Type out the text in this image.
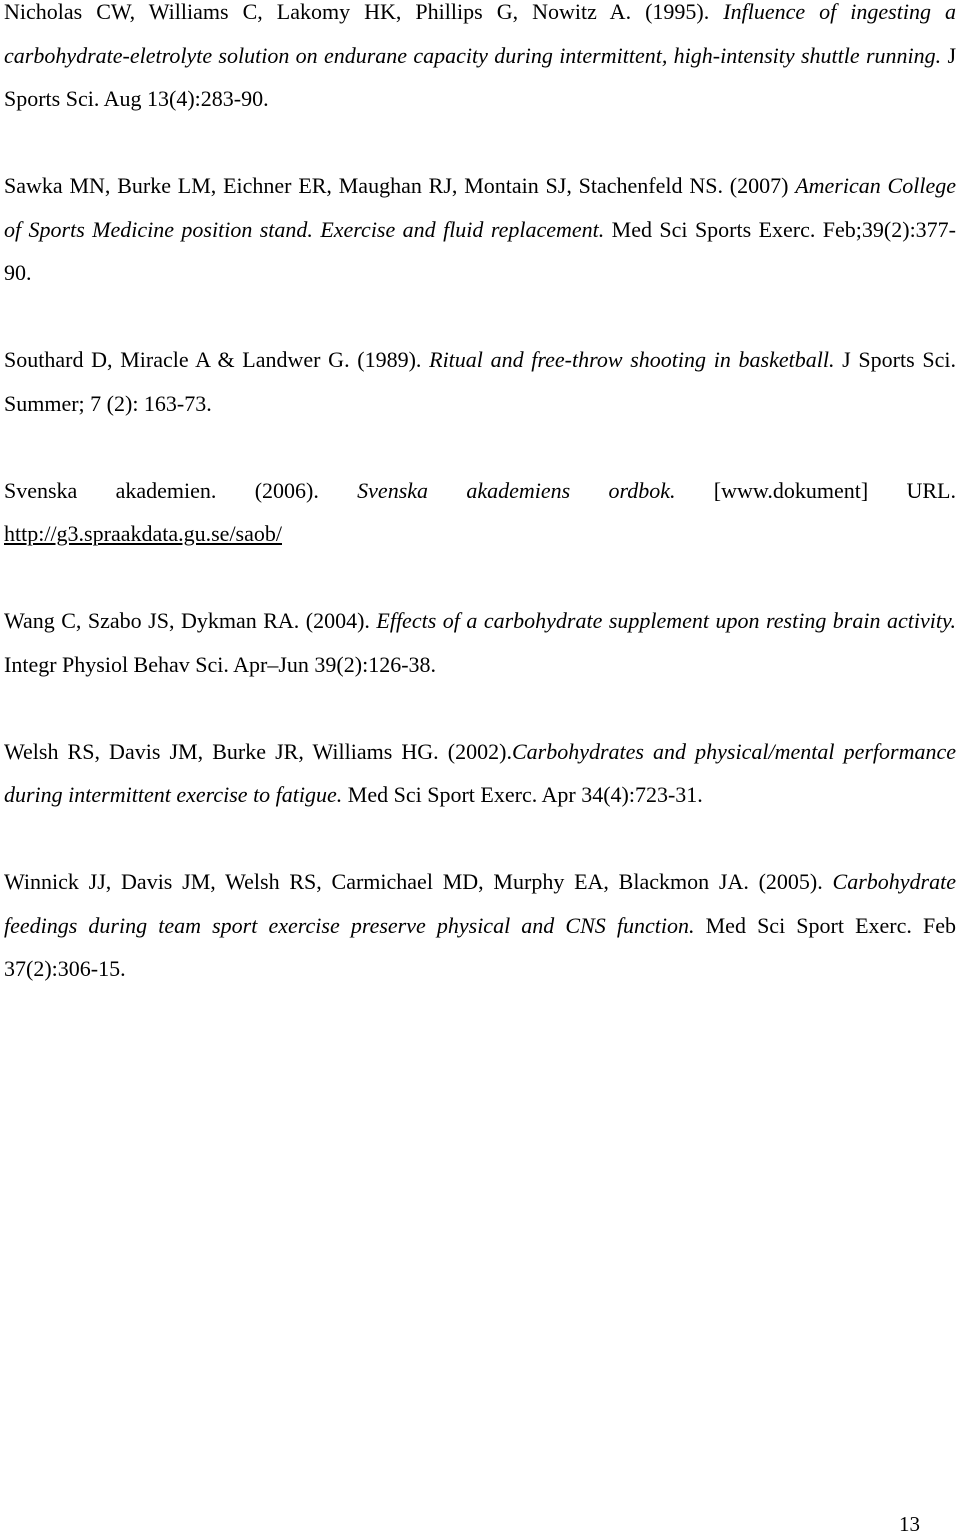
Nicholas CW, Williams C, Lakomy HK, Phillips G, Nowitz A. (1995). Influence of ingesting a carbohydrate-eletrolyte solution on endurane capacity during intermittent, high-intensity shuttle running. J Sports Sci. Aug 13(4):283-90.

Sawka MN, Burke LM, Eichner ER, Maughan RJ, Montain SJ, Stachenfeld NS. (2007) American College of Sports Medicine position stand. Exercise and fluid replacement. Med Sci Sports Exerc. Feb;39(2):377-90.

Southard D, Miracle A & Landwer G. (1989). Ritual and free-throw shooting in basketball. J Sports Sci. Summer; 7 (2): 163-73.

Svenska akademien. (2006). Svenska akademiens ordbok. [www.dokument] URL. http://g3.spraakdata.gu.se/saob/

Wang C, Szabo JS, Dykman RA. (2004). Effects of a carbohydrate supplement upon resting brain activity. Integr Physiol Behav Sci. Apr–Jun 39(2):126-38.

Welsh RS, Davis JM, Burke JR, Williams HG. (2002).Carbohydrates and physical/mental performance during intermittent exercise to fatigue. Med Sci Sport Exerc. Apr 34(4):723-31.

Winnick JJ, Davis JM, Welsh RS, Carmichael MD, Murphy EA, Blackmon JA. (2005). Carbohydrate feedings during team sport exercise preserve physical and CNS function. Med Sci Sport Exerc. Feb 37(2):306-15.

13
